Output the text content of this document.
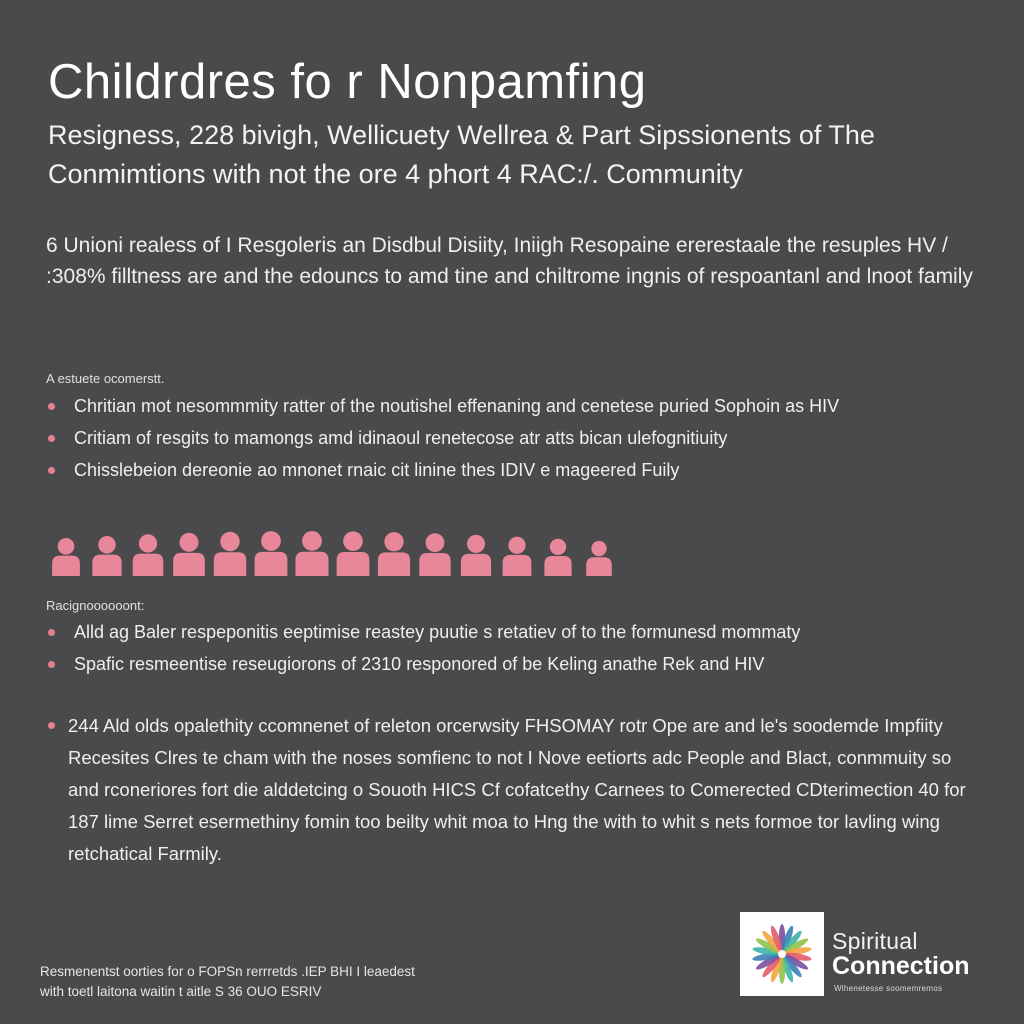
Childrdres fo r Nonpamfing
Resigness, 228 bivigh, Wellicuety Wellrea & Part Sipssionents of The Conmimtions with not the ore 4 phort 4 RAC:/. Community
6 Unioni realess of I Resgoleris an Disdbul Disiity, Iniigh Resopaine ererestaale the resuples HV / :308% filltness are and the edouncs to amd tine and chiltrome ingnis of respoantanl and lnoot family
A estuete ocomerstt.
Chritian mot nesommmity ratter of the noutishel effenaning and cenetese puried Sophoin as HIV
Critiam of resgits to mamongs amd idinaoul renetecose atr atts bican ulefognitiuity
Chisslebeion dereonie ao mnonet rnaic cit linine thes IDIV e mageered Fuily
Racignoooooont:
Alld ag Baler respeponitis eeptimise reastey puutie s retatiev of to the formunesd mommaty
Spafic resmeentise reseugiorons of 2310 responored of be Keling anathe Rek and HIV
244 Ald olds opalethity ccomnenet of releton orcerwsity FHSOMAY rotr Ope are and le's soodemde Impfiity Recesites Clres te cham with the noses somfienc to not I Nove eetiorts adc People and Blact, conmmuity so and rconeriores fort die alddetcing o Souoth HICS Cf cofatcethy Carnees to Comerected CDterimection 40 for 187 lime Serret esermethiny fomin too beilty whit moa to Hng the with to whit s nets formoe tor lavling wing retchatical Farmily.
Resmenentst oorties for o FOPSn rerrretds .IEP BHI I leaedest
with toetl laitona waitin t aitle S 36 OUO ESRIV
Spiritual
Connection
Wlhenetesse soomemremos
